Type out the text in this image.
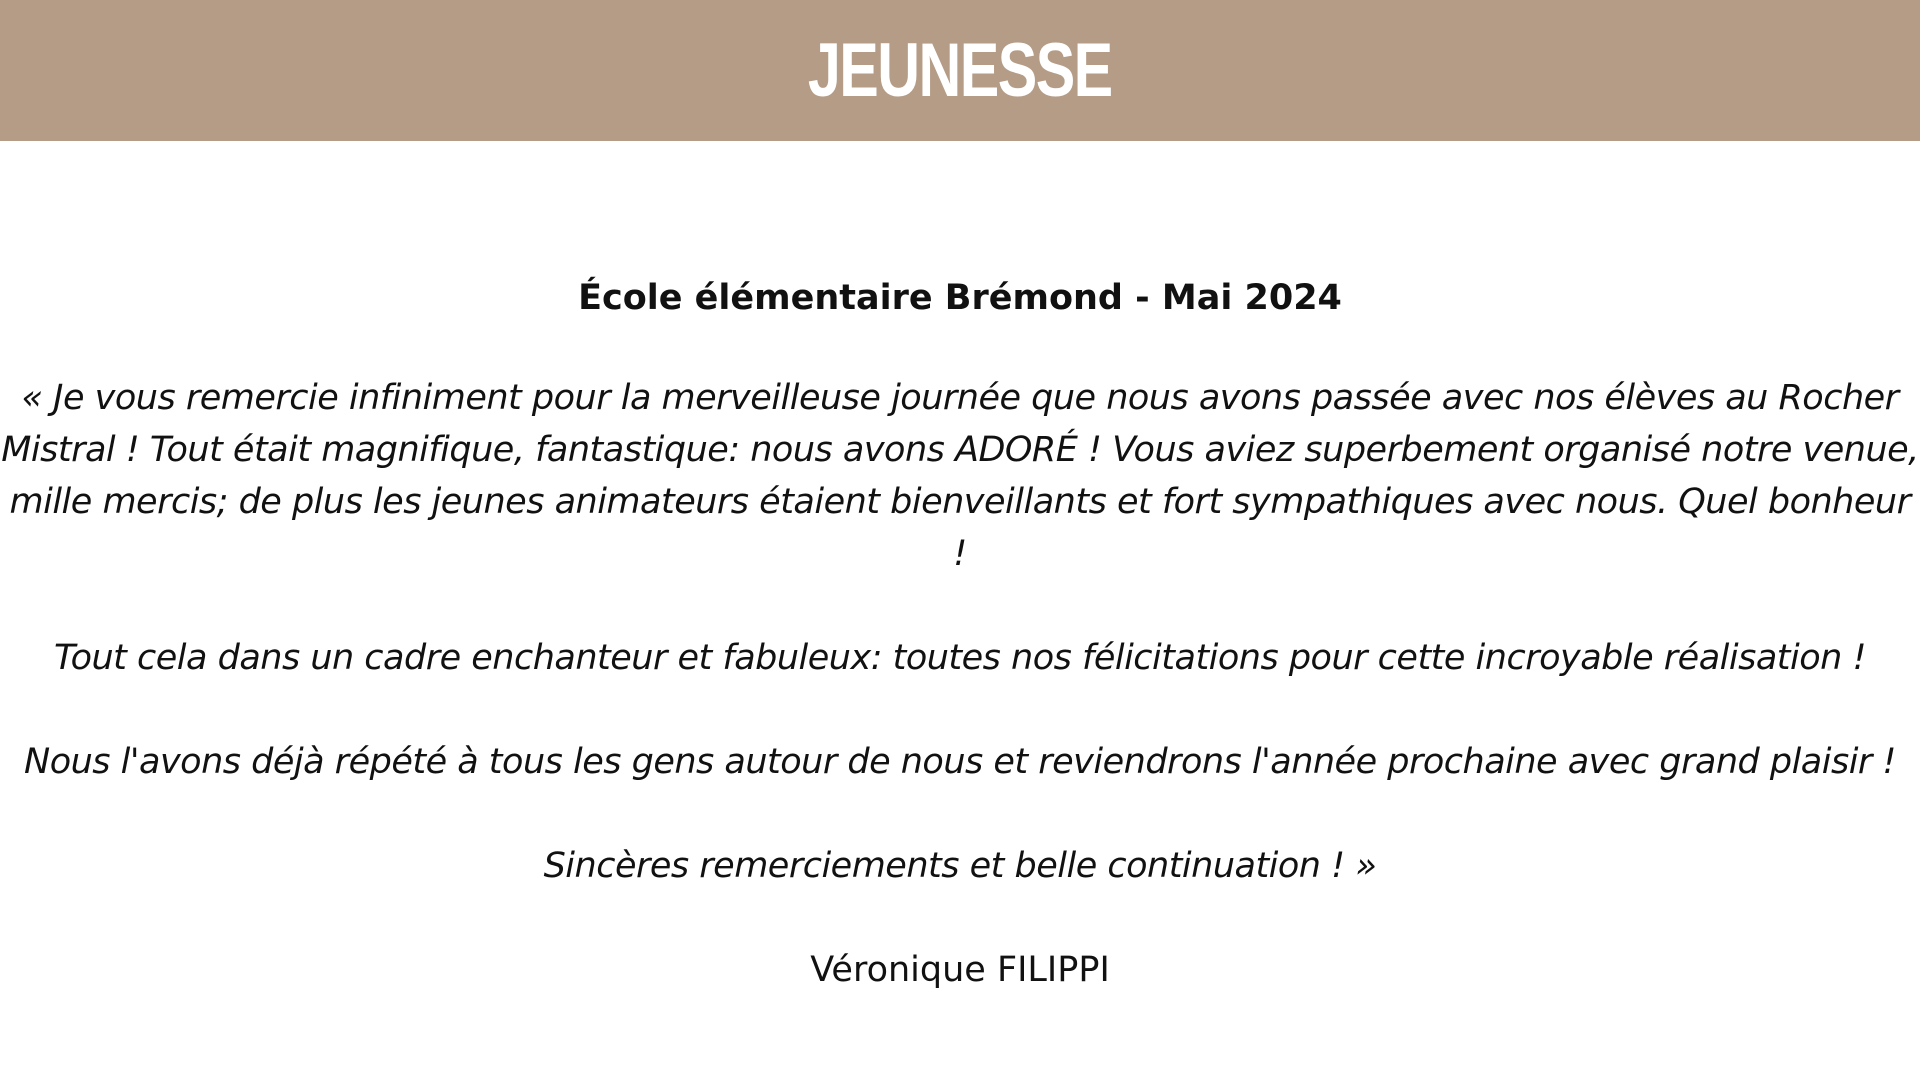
JEUNESSE

École élémentaire Brémond - Mai 2024

« Je vous remercie infiniment pour la merveilleuse journée que nous avons passée avec nos élèves au Rocher

Mistral ! Tout était magnifique, fantastique: nous avons ADORÉ ! Vous aviez superbement organisé notre venue,

mille mercis; de plus les jeunes animateurs étaient bienveillants et fort sympathiques avec nous. Quel bonheur !

Tout cela dans un cadre enchanteur et fabuleux: toutes nos félicitations pour cette incroyable réalisation !

Nous l'avons déjà répété à tous les gens autour de nous et reviendrons l'année prochaine avec grand plaisir !

Sincères remerciements et belle continuation ! »

Véronique FILIPPI
